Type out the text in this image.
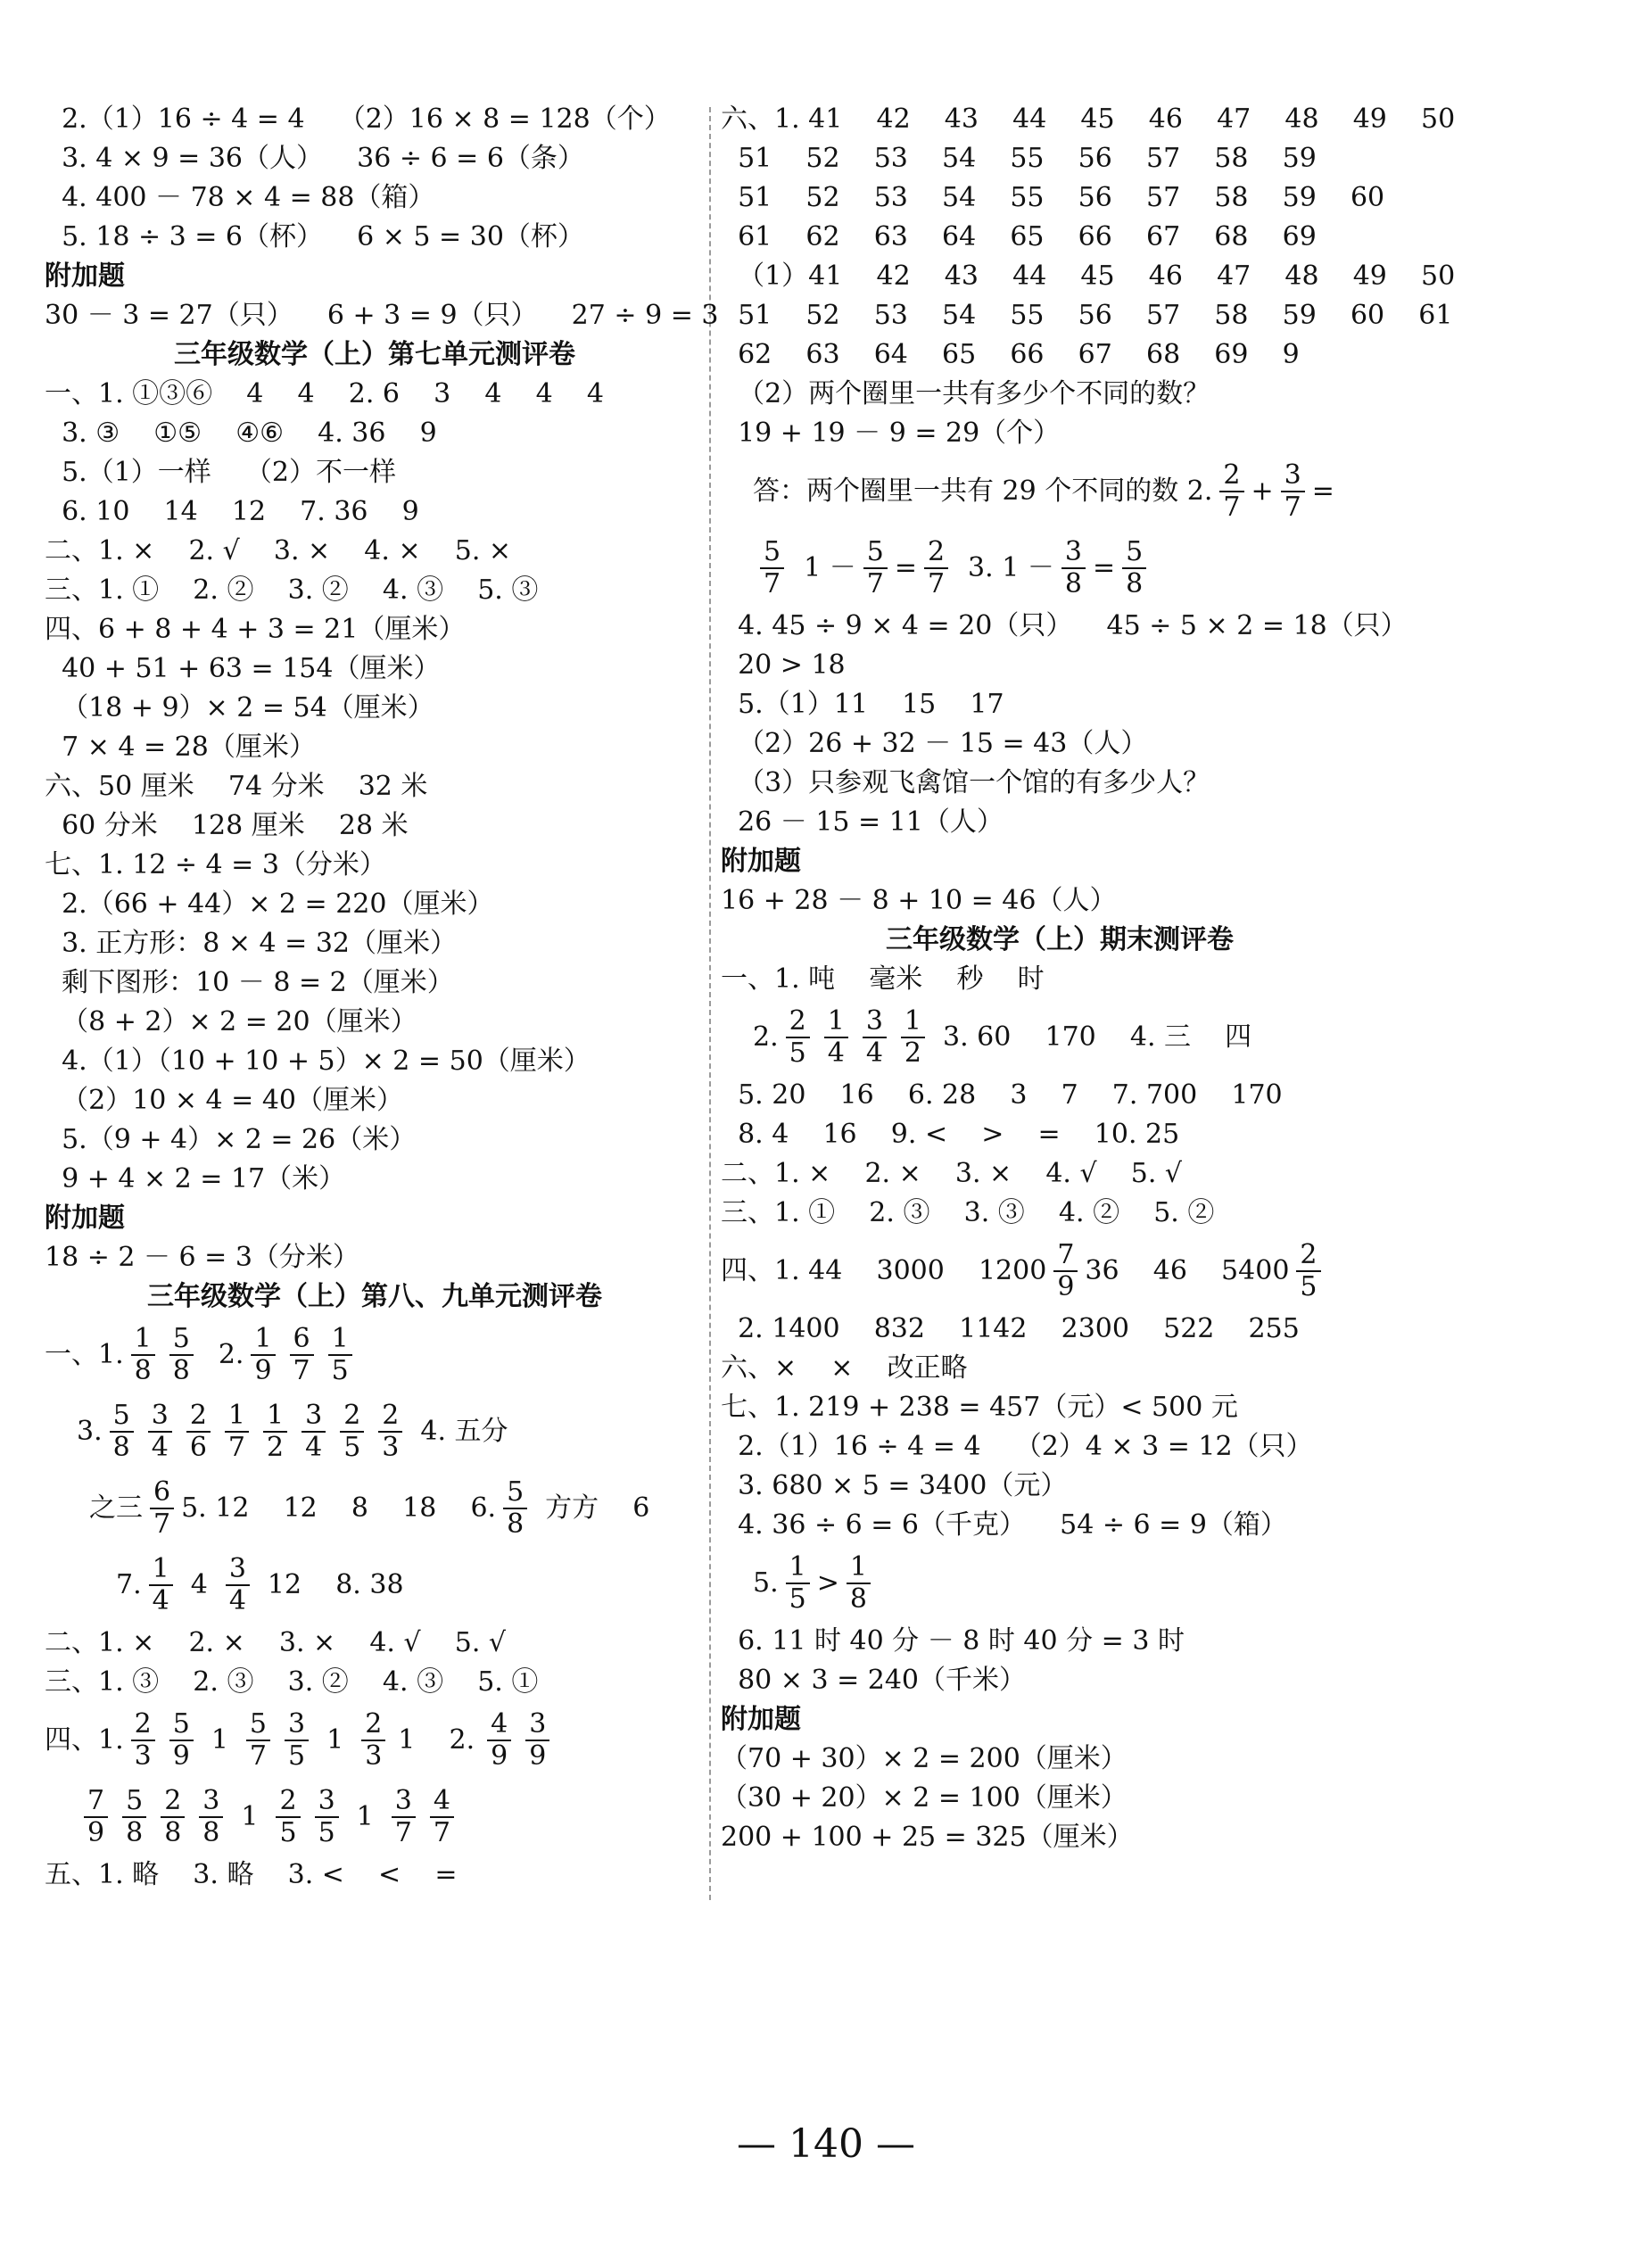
2.（1）16 ÷ 4 = 4    （2）16 × 8 = 128（个）
3. 4 × 9 = 36（人）    36 ÷ 6 = 6（条）
4. 400 － 78 × 4 = 88（箱）
5. 18 ÷ 3 = 6（杯）    6 × 5 = 30（杯）
附加题
30 － 3 = 27（只）    6 + 3 = 9（只）    27 ÷ 9 = 3
三年级数学（上）第七单元测评卷
一、1. ①③⑥    4    4    2. 6    3    4    4    4
3. ③    ①⑤    ④⑥    4. 36    9
5.（1）一样    （2）不一样
6. 10    14    12    7. 36    9
二、1. ×    2. √    3. ×    4. ×    5. ×
三、1. ①    2. ②    3. ②    4. ③    5. ③
四、6 + 8 + 4 + 3 = 21（厘米）
40 + 51 + 63 = 154（厘米）
（18 + 9）× 2 = 54（厘米）
7 × 4 = 28（厘米）
六、50 厘米    74 分米    32 米
60 分米    128 厘米    28 米
七、1. 12 ÷ 4 = 3（分米）
2.（66 + 44）× 2 = 220（厘米）
3. 正方形：8 × 4 = 32（厘米）
剩下图形：10 － 8 = 2（厘米）
（8 + 2）× 2 = 20（厘米）
4.（1）（10 + 10 + 5）× 2 = 50（厘米）
（2）10 × 4 = 40（厘米）
5.（9 + 4）× 2 = 26（米）
9 + 4 × 2 = 17（米）
附加题
18 ÷ 2 － 6 = 3（分米）
三年级数学（上）第八、九单元测评卷
一、1. $\frac{1}{8} \frac{5}{8} 2$. $\frac{1}{9} \frac{6}{7} \frac{1}{5}$
3. $\frac{5}{8} \frac{3}{4} \frac{2}{6} \frac{1}{7} \frac{1}{2} \frac{3}{4} \frac{2}{5} \frac{2}{3} 4$. 五分
之三 $\frac{6}{7} 5$. 12    12    8    18    6. $\frac{5}{8}$ 方方    6
7. $\frac{1}{4} 4 \frac{3}{4} 12$    8. 38
二、1. ×    2. ×    3. ×    4. √    5. √
三、1. ③    2. ③    3. ②    4. ③    5. ①
四、1. $\frac{2}{3} \frac{5}{9} 1 \frac{5}{7} \frac{3}{5} 1 \frac{2}{3} 1$    2. $\frac{4}{9} \frac{3}{9}$
$\frac{7}{9} \frac{5}{8} \frac{2}{8} \frac{3}{8} 1 \frac{2}{5} \frac{3}{5} 1 \frac{3}{7} \frac{4}{7}$
五、1. 略    3. 略    3. <    <    =
六、1. 41    42    43    44    45    46    47    48    49    50
51    52    53    54    55    56    57    58    59
51    52    53    54    55    56    57    58    59    60
61    62    63    64    65    66    67    68    69
（1）41    42    43    44    45    46    47    48    49    50
51    52    53    54    55    56    57    58    59    60    61
62    63    64    65    66    67    68    69    9
（2）两个圈里一共有多少个不同的数？
19 + 19 － 9 = 29（个）
答：两个圈里一共有 29 个不同的数 2. $\frac{2}{7} + \frac{3}{7}$ =
$\frac{5}{7} 1 - \frac{5}{7} = \frac{2}{7} 3$. $1 - \frac{3}{8} = \frac{5}{8}$
4. 45 ÷ 9 × 4 = 20（只）    45 ÷ 5 × 2 = 18（只）
20 > 18
5.（1）11    15    17
（2）26 + 32 － 15 = 43（人）
（3）只参观飞禽馆一个馆的有多少人？
26 － 15 = 11（人）
附加题
16 + 28 － 8 + 10 = 46（人）
三年级数学（上）期末测评卷
一、1. 吨    毫米    秒    时
2. $\frac{2}{5} \frac{1}{4} \frac{3}{4} \frac{1}{2} 3$. 60    170    4. 三    四
5. 20    16    6. 28    3    7    7. 700    170
8. 4    16    9. <    >    =    10. 25
二、1. ×    2. ×    3. ×    4. √    5. √
三、1. ①    2. ③    3. ③    4. ②    5. ②
四、1. 44    3000    $1200 \frac{7}{9} 36$    46    $5400 \frac{2}{5}$
2. 1400    832    1142    2300    522    255
六、×    ×    改正略
七、1. 219 + 238 = 457（元）< 500 元
2.（1）16 ÷ 4 = 4    （2）4 × 3 = 12（只）
3. 680 × 5 = 3400（元）
4. 36 ÷ 6 = 6（千克）    54 ÷ 6 = 9（箱）
5. $\frac{1}{5} > \frac{1}{8}$
6. 11 时 40 分 － 8 时 40 分 = 3 时
80 × 3 = 240（千米）
附加题
（70 + 30）× 2 = 200（厘米）
（30 + 20）× 2 = 100（厘米）
200 + 100 + 25 = 325（厘米）
— 140 —
